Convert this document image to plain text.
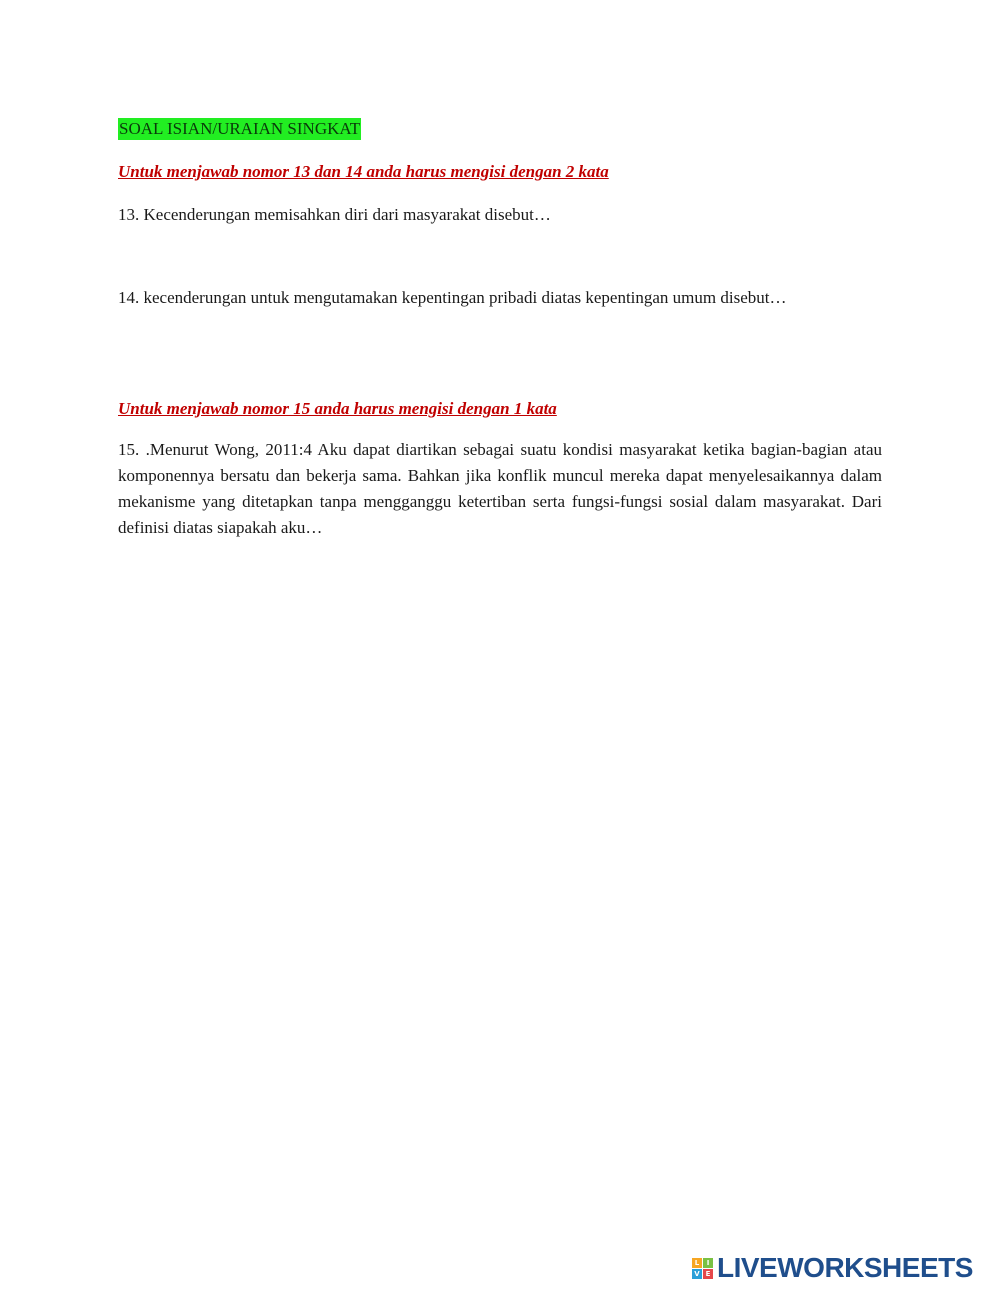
SOAL ISIAN/URAIAN SINGKAT
Untuk menjawab nomor 13 dan 14 anda harus mengisi dengan 2 kata
13. Kecenderungan memisahkan diri dari masyarakat disebut…
14. kecenderungan untuk mengutamakan kepentingan pribadi diatas kepentingan umum disebut…
Untuk menjawab nomor 15 anda harus mengisi dengan 1 kata
15. .Menurut Wong, 2011:4 Aku dapat diartikan sebagai suatu kondisi masyarakat ketika bagian-bagian atau komponennya bersatu dan bekerja sama. Bahkan jika konflik muncul mereka dapat menyelesaikannya dalam mekanisme yang ditetapkan tanpa mengganggu ketertiban serta fungsi-fungsi sosial dalam masyarakat. Dari definisi diatas siapakah aku…
L	I
V E LIVEWORKSHEETS
